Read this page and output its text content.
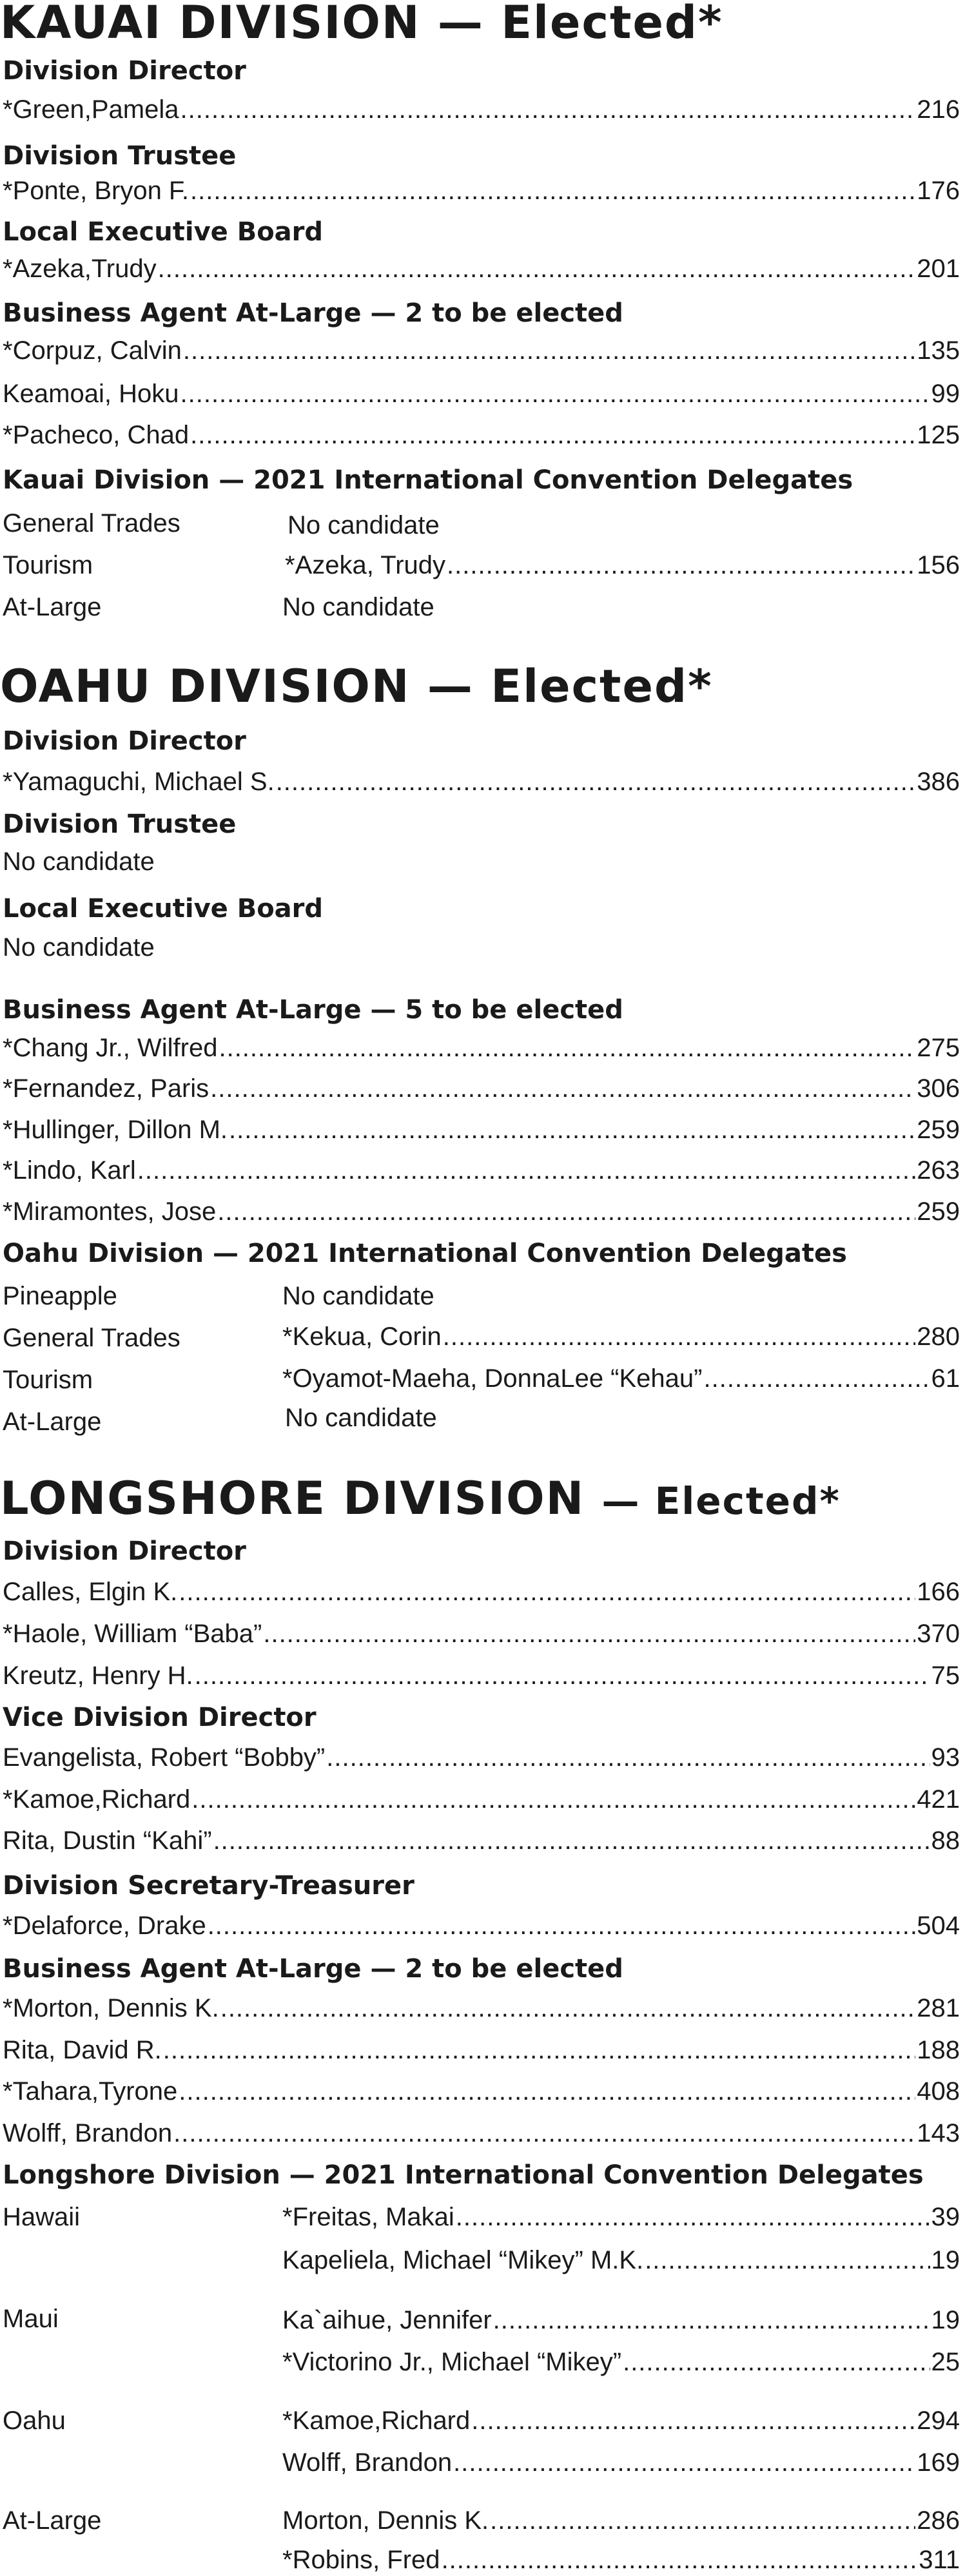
KAUAI DIVISION — Elected*
Division Director
*Green,Pamela .....	216
Division Trustee
*Ponte, Bryon F. .....	176
Local Executive Board
*Azeka,Trudy .....	201
Business Agent At-Large — 2 to be elected
*Corpuz, Calvin .....	135
Keamoai, Hoku .....	99
*Pacheco, Chad .....	125
Kauai Division — 2021 International Convention Delegates
General Trades	No candidate
Tourism	*Azeka, Trudy .....	156
At-Large	No candidate
OAHU DIVISION — Elected*
Division Director
*Yamaguchi, Michael S. .....	386
Division Trustee
No candidate
Local Executive Board
No candidate
Business Agent At-Large — 5 to be elected
*Chang Jr., Wilfred .....	275
*Fernandez, Paris .....	306
*Hullinger, Dillon M. .....	259
*Lindo, Karl .....	263
*Miramontes, Jose .....	259
Oahu Division — 2021 International Convention Delegates
Pineapple	No candidate
General Trades	*Kekua, Corin .....	280
Tourism	*Oyamot-Maeha, DonnaLee “Kehau” .....	61
At-Large	No candidate
LONGSHORE DIVISION — Elected*
Division Director
Calles, Elgin K. .....	166
*Haole, William “Baba” .....	370
Kreutz, Henry H. .....	75
Vice Division Director
Evangelista, Robert “Bobby” .....	93
*Kamoe,Richard .....	421
Rita, Dustin “Kahi” .....	88
Division Secretary-Treasurer
*Delaforce, Drake .....	504
Business Agent At-Large — 2 to be elected
*Morton, Dennis K. .....	281
Rita, David R. .....	188
*Tahara,Tyrone .....	408
Wolff, Brandon .....	143
Longshore Division — 2021 International Convention Delegates
Hawaii	*Freitas, Makai .....	39
Kapeliela, Michael “Mikey” M.K. .....	19
Maui	Ka`aihue, Jennifer .....	19
*Victorino Jr., Michael “Mikey” .....	25
Oahu	*Kamoe,Richard .....	294
Wolff, Brandon .....	169
At-Large	Morton, Dennis K. .....	286
*Robins, Fred .....	311
